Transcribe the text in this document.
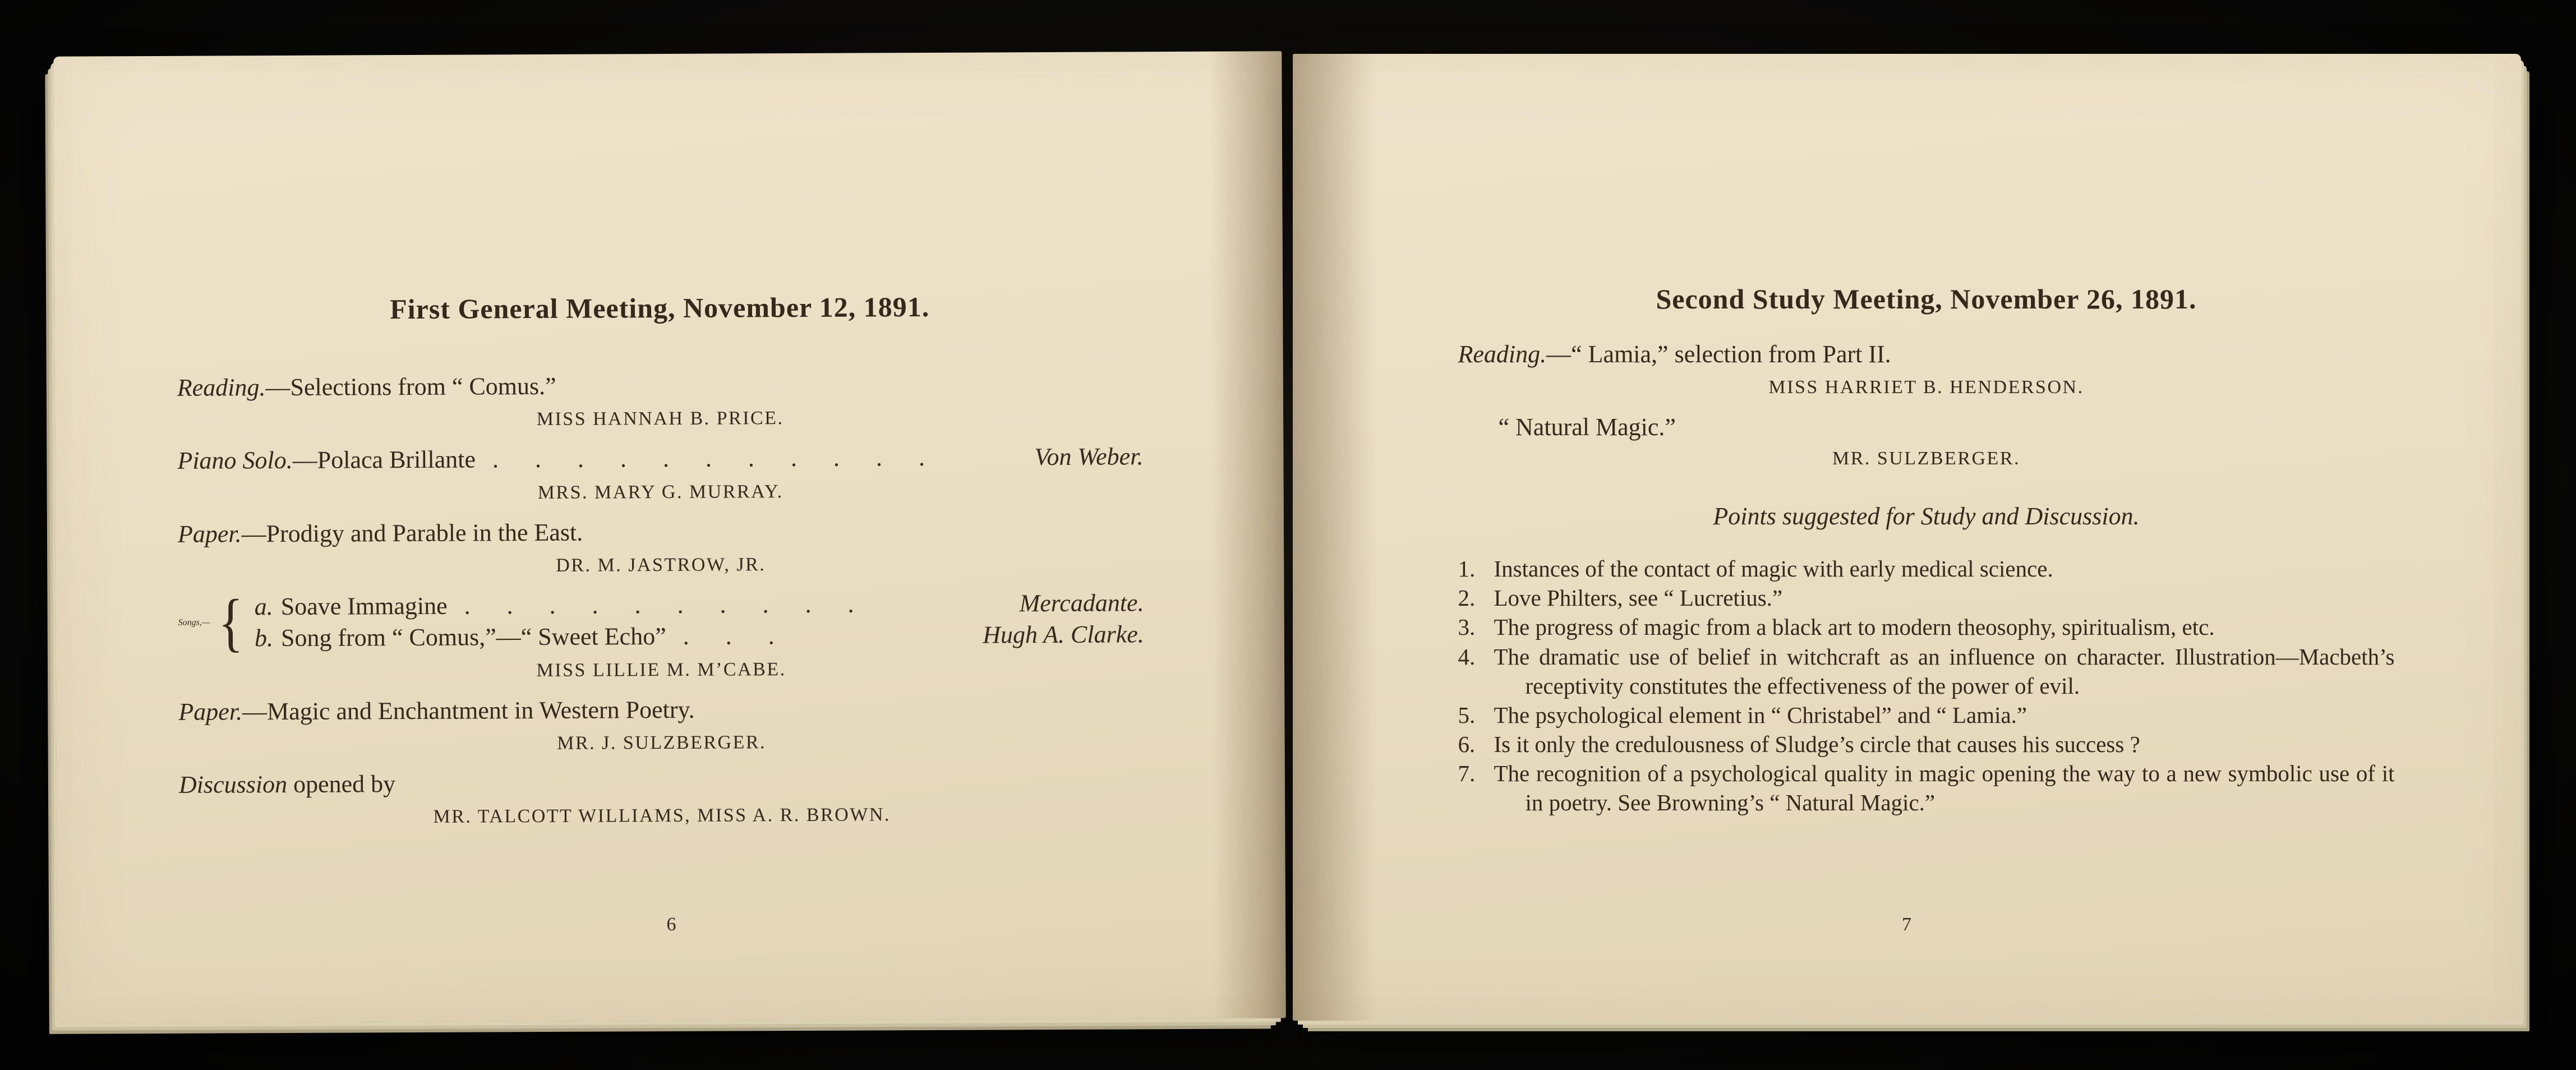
First General Meeting, November 12, 1891.
Reading. —Selections from “ Comus.”
MISS HANNAH B. PRICE.
Piano Solo. —Polaca Brillante . . . . . . . . . . .	Von Weber.
MRS. MARY G. MURRAY.
Paper. —Prodigy and Parable in the East.
DR. M. JASTROW, JR.
Songs,— { a. Soave Immagine . . . . . . . . . .	Mercadante.
b. Song from “ Comus,”—“ Sweet Echo” . . .	Hugh A. Clarke.
MISS LILLIE M. M’CABE.
Paper. —Magic and Enchantment in Western Poetry.
MR. J. SULZBERGER.
Discussion opened by
MR. TALCOTT WILLIAMS, MISS A. R. BROWN.
6
Second Study Meeting, November 26, 1891.
Reading. —“ Lamia,” selection from Part II.
MISS HARRIET B. HENDERSON.
“ Natural Magic.”
MR. SULZBERGER.
Points suggested for Study and Discussion.
1. Instances of the contact of magic with early medical science.
2. Love Philters, see “ Lucretius.”
3. The progress of magic from a black art to modern theosophy, spiritualism, etc.
4. The dramatic use of belief in witchcraft as an influence on character. Illustration—Macbeth’s receptivity constitutes the effectiveness of the power of evil.
5. The psychological element in “ Christabel” and “ Lamia.”
6. Is it only the credulousness of Sludge’s circle that causes his success ?
7. The recognition of a psychological quality in magic opening the way to a new symbolic use of it in poetry. See Browning’s “ Natural Magic.”
7
